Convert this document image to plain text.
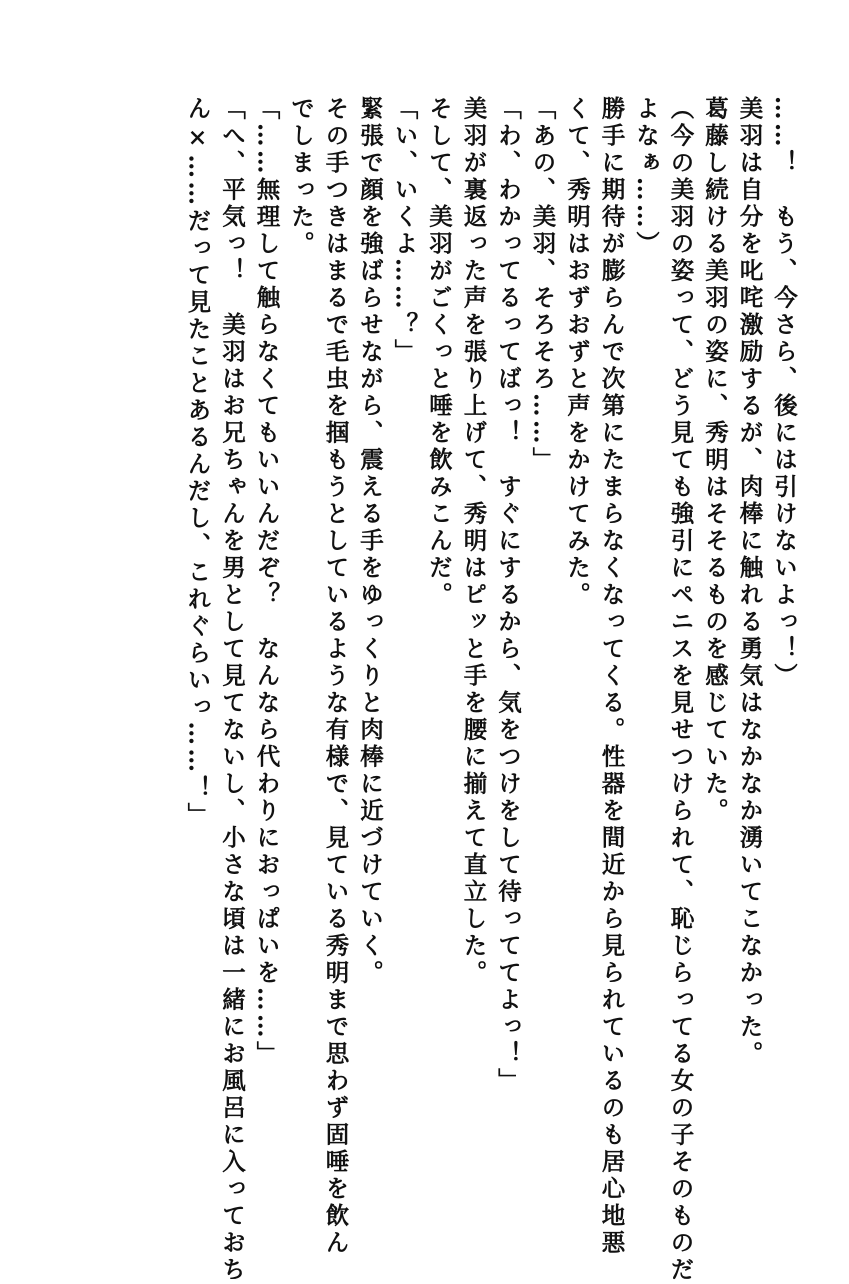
……！　もう、今さら、後には引けないよっ！）
美羽は自分を叱咤激励するが、肉棒に触れる勇気はなかなか湧いてこなかった。
葛藤し続ける美羽の姿に、秀明はそそるものを感じていた。
（今の美羽の姿って、どう見ても強引にペニスを見せつけられて、恥じらってる女の子そのものだ
よなぁ……）
勝手に期待が膨らんで次第にたまらなくなってくる。性器を間近から見られているのも居心地悪
くて、秀明はおずおずと声をかけてみた。
「あの、美羽、そろそろ……」
「わ、わかってるってばっ！　すぐにするから、気をつけをして待っててよっ！」
美羽が裏返った声を張り上げて、秀明はピッと手を腰に揃えて直立した。
そして、美羽がごくっと唾を飲みこんだ。
「い、いくよ……？」
緊張で顔を強ばらせながら、震える手をゆっくりと肉棒に近づけていく。
その手つきはまるで毛虫を掴もうとしているような有様で、見ている秀明まで思わず固唾を飲ん
でしまった。
「……無理して触らなくてもいいんだぞ？　なんなら代わりにおっぱいを……」
「へ、平気っ！　美羽はお兄ちゃんを男として見てないし、小さな頃は一緒にお風呂に入っておち
ん×……だって見たことあるんだし、これぐらいっ……！」
